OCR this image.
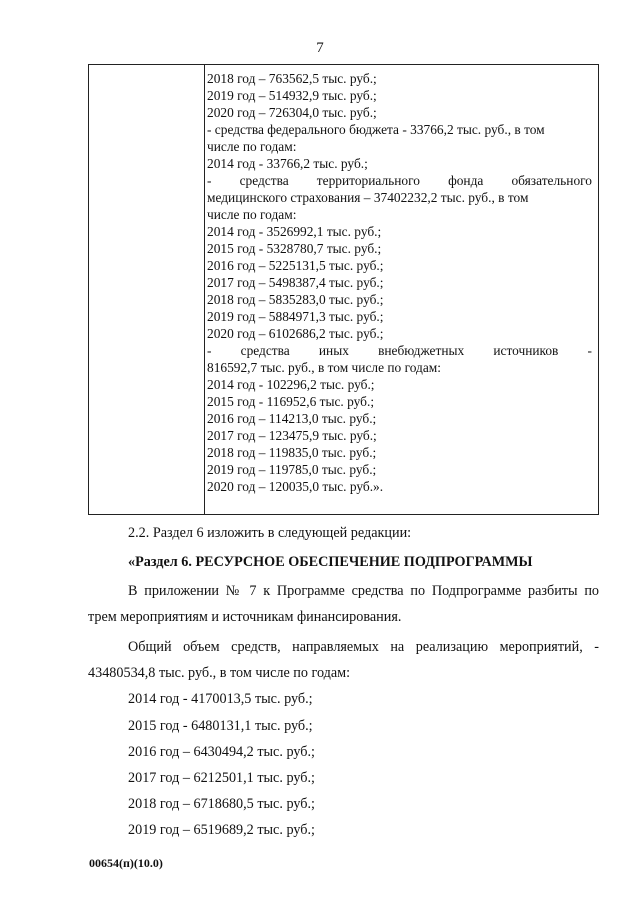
7
2018 год – 763562,5 тыс. руб.;
2019 год – 514932,9 тыс. руб.;
2020 год – 726304,0 тыс. руб.;
- средства федерального бюджета - 33766,2 тыс. руб., в том
числе по годам:
2014 год - 33766,2 тыс. руб.;
- средства территориального фонда обязательного
медицинского страхования – 37402232,2 тыс. руб., в том
числе по годам:
2014 год - 3526992,1 тыс. руб.;
2015 год - 5328780,7 тыс. руб.;
2016 год – 5225131,5 тыс. руб.;
2017 год – 5498387,4 тыс. руб.;
2018 год – 5835283,0 тыс. руб.;
2019 год – 5884971,3 тыс. руб.;
2020 год – 6102686,2 тыс. руб.;
- средства иных внебюджетных источников -
816592,7 тыс. руб., в том числе по годам:
2014 год - 102296,2 тыс. руб.;
2015 год - 116952,6 тыс. руб.;
2016 год – 114213,0 тыс. руб.;
2017 год – 123475,9 тыс. руб.;
2018 год – 119835,0 тыс. руб.;
2019 год – 119785,0 тыс. руб.;
2020 год – 120035,0 тыс. руб.».
2.2. Раздел 6 изложить в следующей редакции:
«Раздел 6. РЕСУРСНОЕ ОБЕСПЕЧЕНИЕ ПОДПРОГРАММЫ
В приложении № 7 к Программе средства по Подпрограмме разбиты по
трем мероприятиям и источникам финансирования.
Общий объем средств, направляемых на реализацию мероприятий, -
43480534,8 тыс. руб., в том числе по годам:
2014 год - 4170013,5 тыс. руб.;
2015 год - 6480131,1 тыс. руб.;
2016 год – 6430494,2 тыс. руб.;
2017 год – 6212501,1 тыс. руб.;
2018 год – 6718680,5 тыс. руб.;
2019 год – 6519689,2 тыс. руб.;
00654(п)(10.0)
